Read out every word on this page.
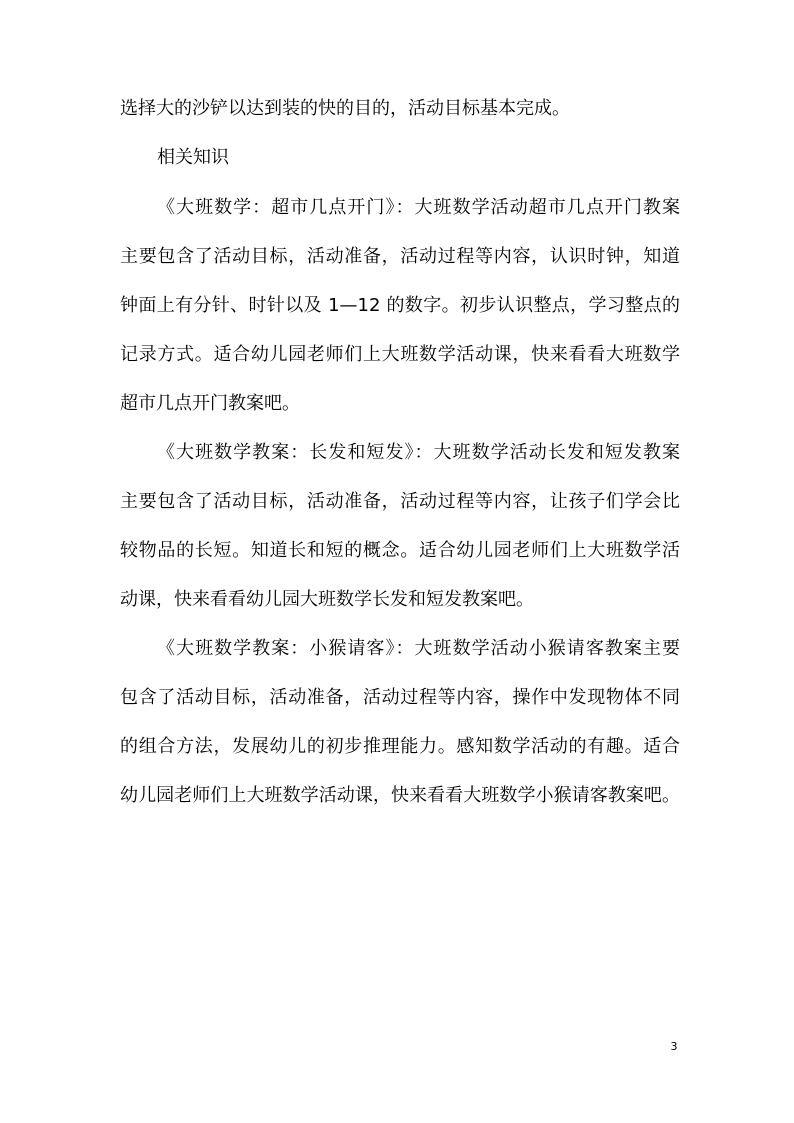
选择大的沙铲以达到装的快的目的，活动目标基本完成。
相关知识
《大班数学：超市几点开门》：大班数学活动超市几点开门教案
主要包含了活动目标，活动准备，活动过程等内容，认识时钟，知道
钟面上有分针、时针以及 1—12 的数字。初步认识整点，学习整点的
记录方式。适合幼儿园老师们上大班数学活动课，快来看看大班数学
超市几点开门教案吧。
《大班数学教案：长发和短发》：大班数学活动长发和短发教案
主要包含了活动目标，活动准备，活动过程等内容，让孩子们学会比
较物品的长短。知道长和短的概念。适合幼儿园老师们上大班数学活
动课，快来看看幼儿园大班数学长发和短发教案吧。
《大班数学教案：小猴请客》：大班数学活动小猴请客教案主要
包含了活动目标，活动准备，活动过程等内容，操作中发现物体不同
的组合方法，发展幼儿的初步推理能力。感知数学活动的有趣。适合
幼儿园老师们上大班数学活动课，快来看看大班数学小猴请客教案吧。
3
